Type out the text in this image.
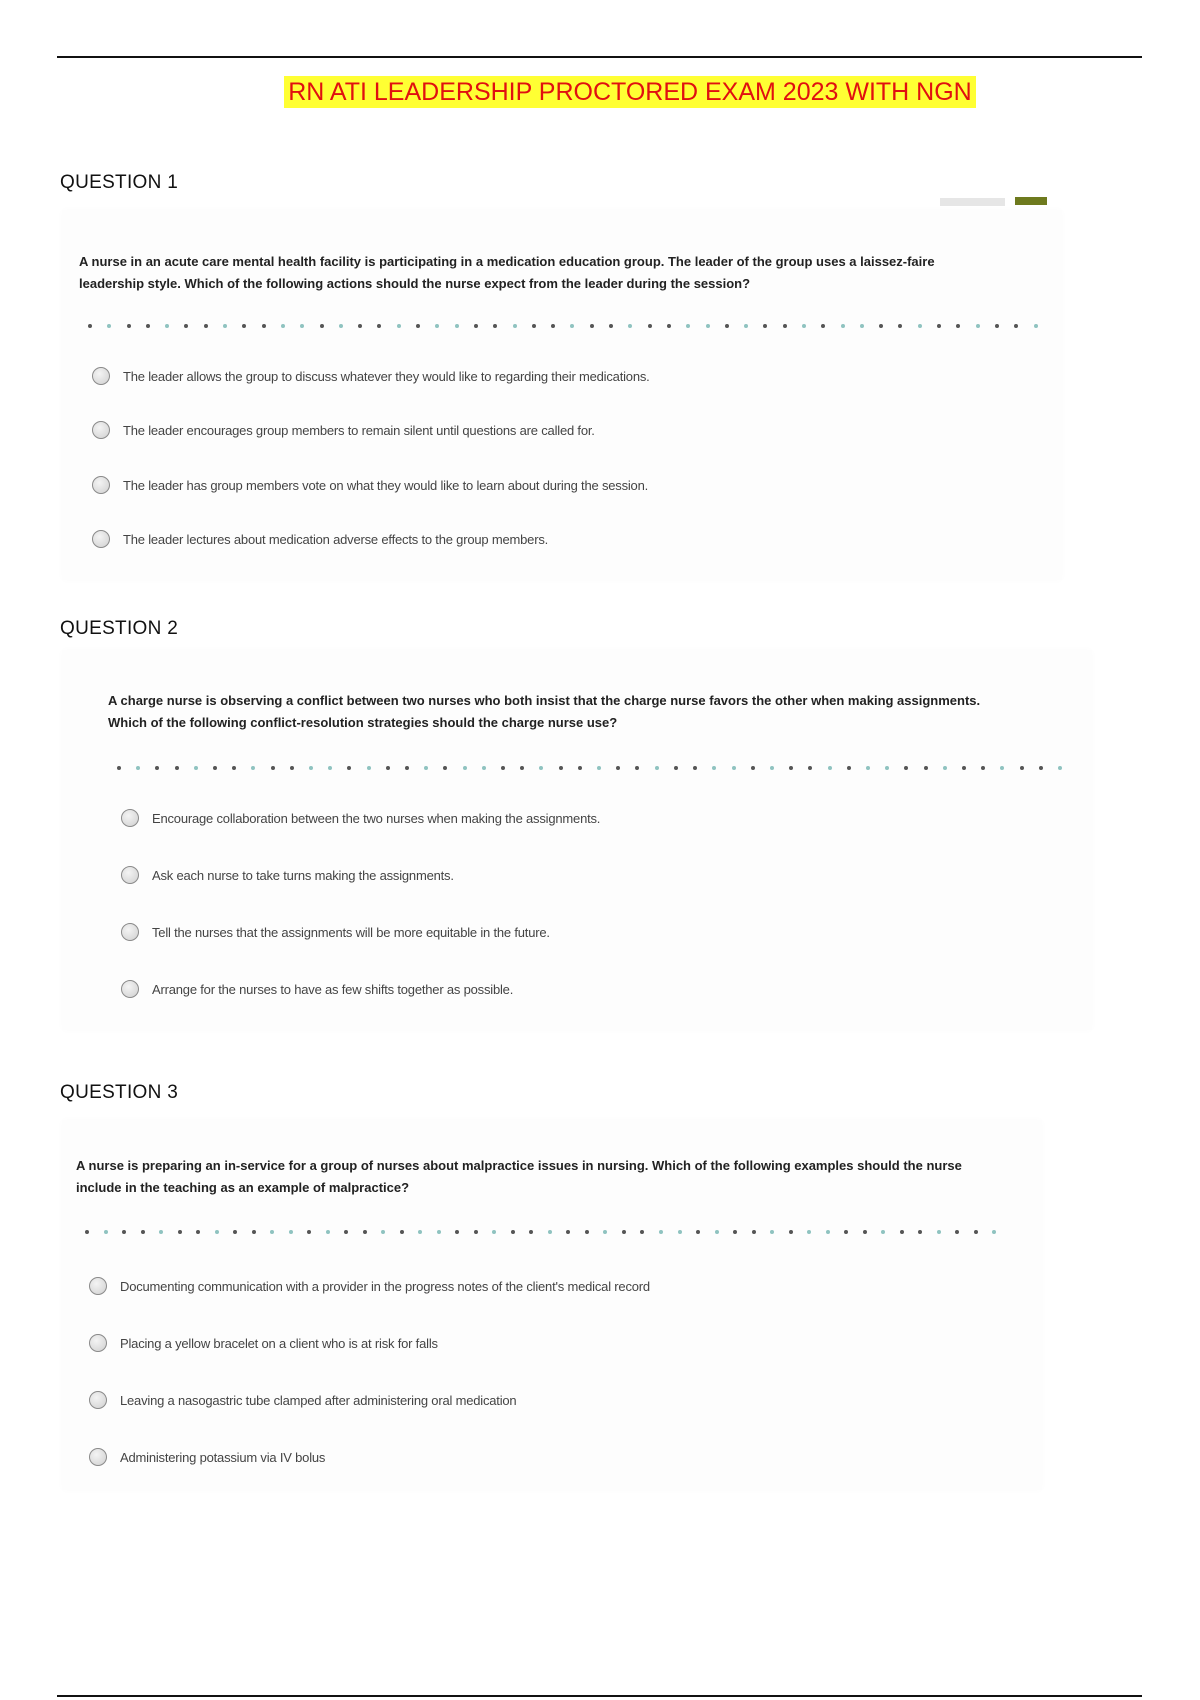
RN ATI LEADERSHIP PROCTORED EXAM 2023 WITH NGN
QUESTION 1
A nurse in an acute care mental health facility is participating in a medication education group. The leader of the group uses a laissez-faire
leadership style. Which of the following actions should the nurse expect from the leader during the session?
The leader allows the group to discuss whatever they would like to regarding their medications.
The leader encourages group members to remain silent until questions are called for.
The leader has group members vote on what they would like to learn about during the session.
The leader lectures about medication adverse effects to the group members.
QUESTION 2
A charge nurse is observing a conflict between two nurses who both insist that the charge nurse favors the other when making assignments.
Which of the following conflict-resolution strategies should the charge nurse use?
Encourage collaboration between the two nurses when making the assignments.
Ask each nurse to take turns making the assignments.
Tell the nurses that the assignments will be more equitable in the future.
Arrange for the nurses to have as few shifts together as possible.
QUESTION 3
A nurse is preparing an in-service for a group of nurses about malpractice issues in nursing. Which of the following examples should the nurse
include in the teaching as an example of malpractice?
Documenting communication with a provider in the progress notes of the client's medical record
Placing a yellow bracelet on a client who is at risk for falls
Leaving a nasogastric tube clamped after administering oral medication
Administering potassium via IV bolus
